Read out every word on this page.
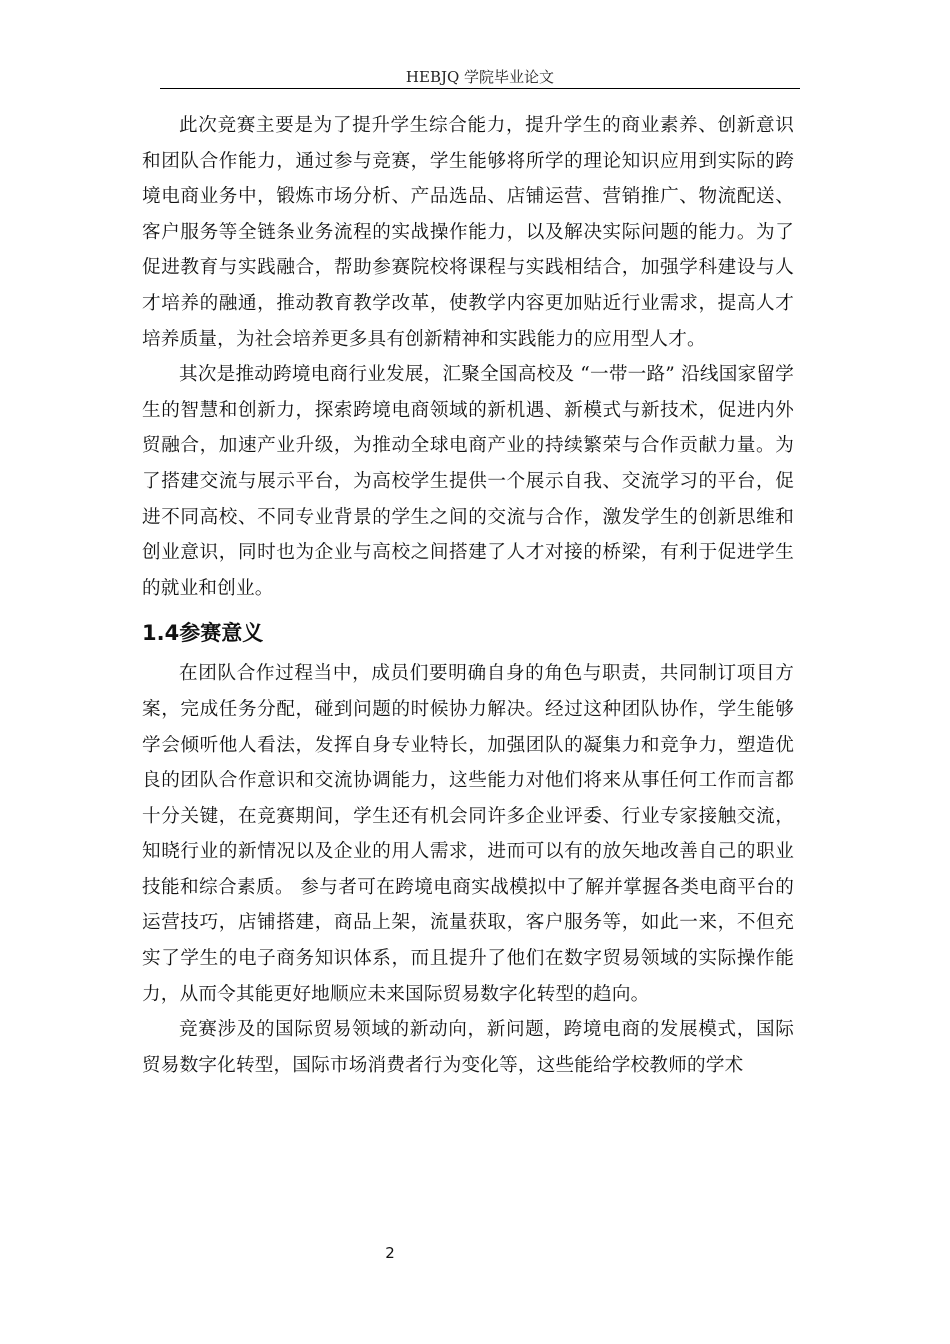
HEBJQ 学院毕业论文

此次竞赛主要是为了提升学生综合能力，提升学生的商业素养、创新意识和团队合作能力，通过参与竞赛，学生能够将所学的理论知识应用到实际的跨境电商业务中，锻炼市场分析、产品选品、店铺运营、营销推广、物流配送、客户服务等全链条业务流程的实战操作能力，以及解决实际问题的能力。为了促进教育与实践融合，帮助参赛院校将课程与实践相结合，加强学科建设与人才培养的融通，推动教育教学改革，使教学内容更加贴近行业需求，提高人才培养质量，为社会培养更多具有创新精神和实践能力的应用型人才。

其次是推动跨境电商行业发展，汇聚全国高校及 “一带一路” 沿线国家留学生的智慧和创新力，探索跨境电商领域的新机遇、新模式与新技术，促进内外贸融合，加速产业升级，为推动全球电商产业的持续繁荣与合作贡献力量。为了搭建交流与展示平台，为高校学生提供一个展示自我、交流学习的平台，促进不同高校、不同专业背景的学生之间的交流与合作，激发学生的创新思维和创业意识，同时也为企业与高校之间搭建了人才对接的桥梁，有利于促进学生的就业和创业。

1.4参赛意义

在团队合作过程当中，成员们要明确自身的角色与职责，共同制订项目方案，完成任务分配，碰到问题的时候协力解决。经过这种团队协作，学生能够学会倾听他人看法，发挥自身专业特长，加强团队的凝集力和竞争力，塑造优良的团队合作意识和交流协调能力，这些能力对他们将来从事任何工作而言都十分关键，在竞赛期间，学生还有机会同许多企业评委、行业专家接触交流，知晓行业的新情况以及企业的用人需求，进而可以有的放矢地改善自己的职业技能和综合素质。 参与者可在跨境电商实战模拟中了解并掌握各类电商平台的运营技巧，店铺搭建，商品上架，流量获取，客户服务等，如此一来，不但充实了学生的电子商务知识体系，而且提升了他们在数字贸易领域的实际操作能力，从而令其能更好地顺应未来国际贸易数字化转型的趋向。

竞赛涉及的国际贸易领域的新动向，新问题，跨境电商的发展模式，国际贸易数字化转型，国际市场消费者行为变化等，这些能给学校教师的学术

2
